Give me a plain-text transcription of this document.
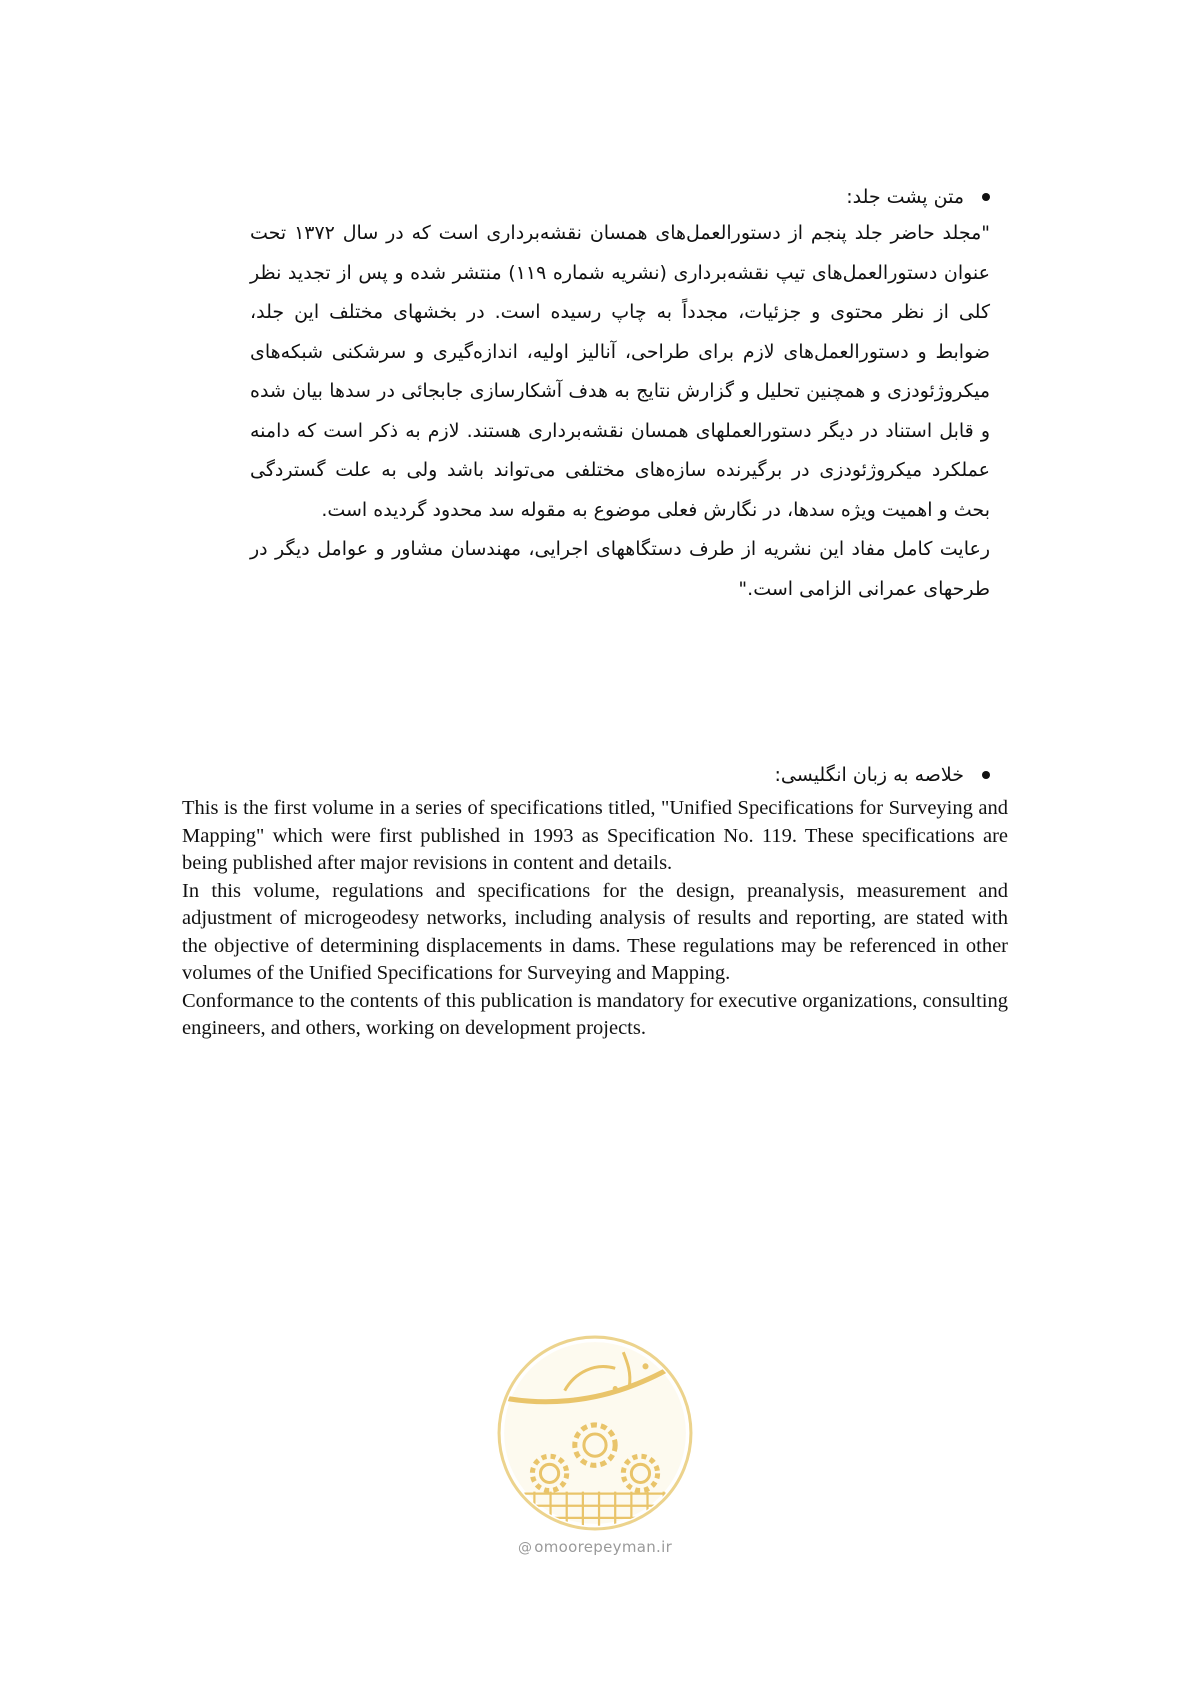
متن پشت جلد:

"مجلد حاضر جلد پنجم از دستورالعمل‌های همسان نقشه‌برداری است که در سال ۱۳۷۲ تحت عنوان دستورالعمل‌های تیپ نقشه‌برداری (نشریه شماره ۱۱۹) منتشر شده و پس از تجدید نظر کلی از نظر محتوی و جزئیات، مجدداً به چاپ رسیده است. در بخشهای مختلف این جلد، ضوابط و دستورالعمل‌های لازم برای طراحی، آنالیز اولیه، اندازه‌گیری و سرشکنی شبکه‌های میکروژئودزی و همچنین تحلیل و گزارش نتایج به هدف آشکارسازی جابجائی در سدها بیان شده و قابل استناد در دیگر دستورالعملهای همسان نقشه‌برداری هستند. لازم به ذکر است که دامنه عملکرد میکروژئودزی در برگیرنده سازه‌های مختلفی می‌تواند باشد ولی به علت گستردگی بحث و اهمیت ویژه سدها، در نگارش فعلی موضوع به مقوله سد محدود گردیده است.

رعایت کامل مفاد این نشریه از طرف دستگاههای اجرایی، مهندسان مشاور و عوامل دیگر در طرحهای عمرانی الزامی است."

خلاصه به زبان انگلیسی:

This is the first volume in a series of specifications titled, "Unified Specifications for Surveying and Mapping" which were first published in 1993 as Specification No. 119. These specifications are being published after major revisions in content and details.

In this volume, regulations and specifications for the design, preanalysis, measurement and adjustment of microgeodesy networks, including analysis of results and reporting, are stated with the objective of determining displacements in dams. These regulations may be referenced in other volumes of the Unified Specifications for Surveying and Mapping.

Conformance to the contents of this publication is mandatory for executive organizations, consulting engineers, and others, working on development projects.

@ omoorepeyman.ir
